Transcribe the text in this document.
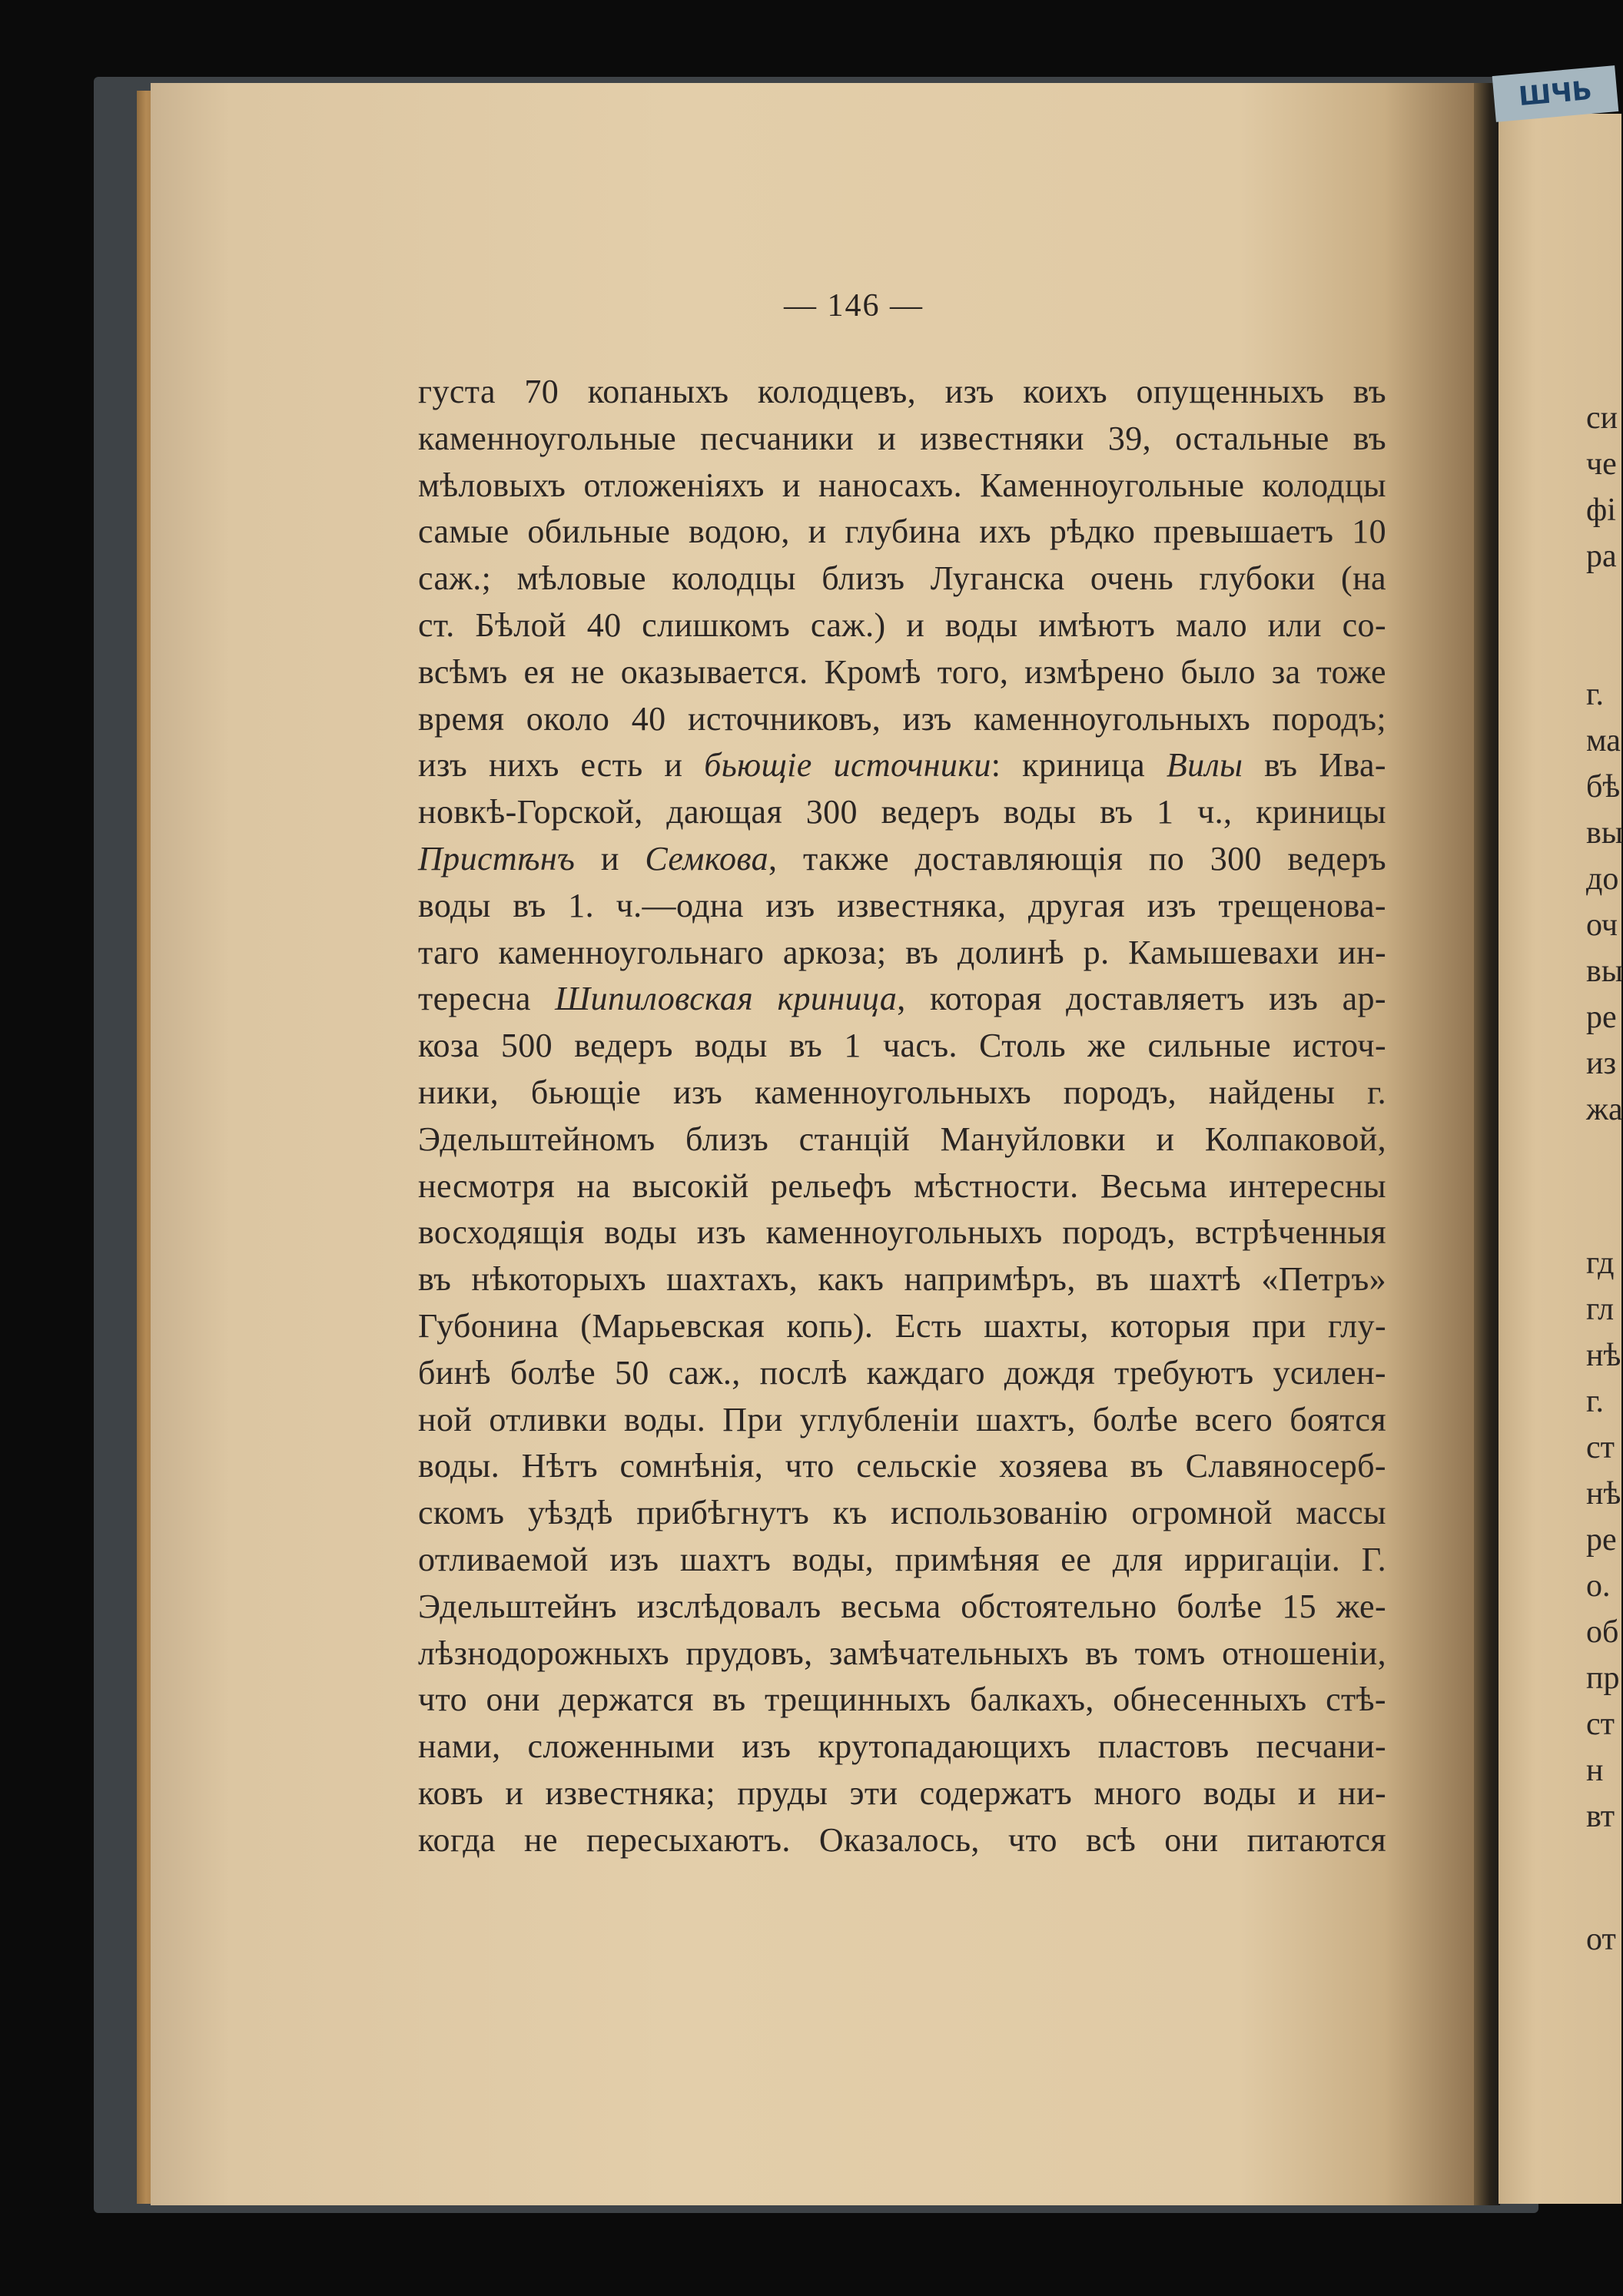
ШЧЬ
— 146 —
густа 70 копаныхъ колодцевъ, изъ коихъ опущенныхъ въ
каменноугольные песчаники и известняки 39, остальные въ
мѣловыхъ отложеніяхъ и наносахъ. Каменноугольные колодцы
самые обильные водою, и глубина ихъ рѣдко превышаетъ 10
саж.; мѣловые колодцы близъ Луганска очень глубоки (на
ст. Бѣлой 40 слишкомъ саж.) и воды имѣютъ мало или со-
всѣмъ ея не оказывается. Кромѣ того, измѣрено было за тоже
время около 40 источниковъ, изъ каменноугольныхъ породъ;
изъ нихъ есть и бьющіе источники: криница Вилы въ Ива-
новкѣ-Горской, дающая 300 ведеръ воды въ 1 ч., криницы
Пристѣнъ и Семкова, также доставляющія по 300 ведеръ
воды въ 1. ч.—одна изъ известняка, другая изъ трещенова-
таго каменноугольнаго аркоза; въ долинѣ р. Камышевахи ин-
тересна Шипиловская криница, которая доставляетъ изъ ар-
коза 500 ведеръ воды въ 1 часъ. Столь же сильные источ-
ники, бьющіе изъ каменноугольныхъ породъ, найдены г.
Эдельштейномъ близъ станцій Мануйловки и Колпаковой,
несмотря на высокій рельефъ мѣстности. Весьма интересны
восходящія воды изъ каменноугольныхъ породъ, встрѣченныя
въ нѣкоторыхъ шахтахъ, какъ напримѣръ, въ шахтѣ «Петръ»
Губонина (Марьевская копь). Есть шахты, которыя при глу-
бинѣ болѣе 50 саж., послѣ каждаго дождя требуютъ усилен-
ной отливки воды. При углубленіи шахтъ, болѣе всего боятся
воды. Нѣтъ сомнѣнія, что сельскіе хозяева въ Славяносерб-
скомъ уѣздѣ прибѣгнутъ къ использованію огромной массы
отливаемой изъ шахтъ воды, примѣняя ее для ирригаціи. Г.
Эдельштейнъ изслѣдовалъ весьма обстоятельно болѣе 15 же-
лѣзнодорожныхъ прудовъ, замѣчательныхъ въ томъ отношеніи,
что они держатся въ трещинныхъ балкахъ, обнесенныхъ стѣ-
нами, сложенными изъ крутопадающихъ пластовъ песчани-
ковъ и известняка; пруды эти содержатъ много воды и ни-
когда не пересыхаютъ. Оказалось, что всѣ они питаются
си
че
фі
ра
г.
ма
бѣ
вы
до
оч
вы
ре
из
жа
гд
гл
нѣ
г.
ст
нѣ
ре
о.
об
пр
ст
н
вт
от
